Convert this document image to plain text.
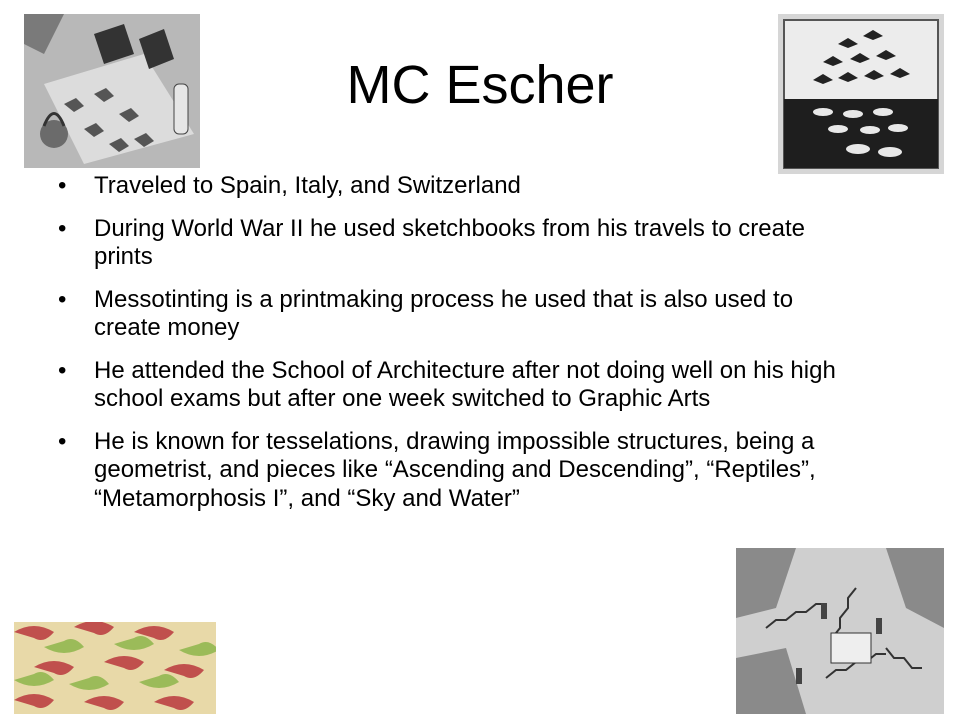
MC Escher
• Traveled to Spain, Italy, and Switzerland
• During World War II he used sketchbooks from his travels to create prints
• Messotinting is a printmaking process he used that is also used to create money
• He attended the School of Architecture after not doing well on his high school exams but after one week switched to Graphic Arts
• He is known for tesselations, drawing impossible structures, being a geometrist, and pieces like “Ascending and Descending”, “Reptiles”, “Metamorphosis I”, and “Sky and Water”
